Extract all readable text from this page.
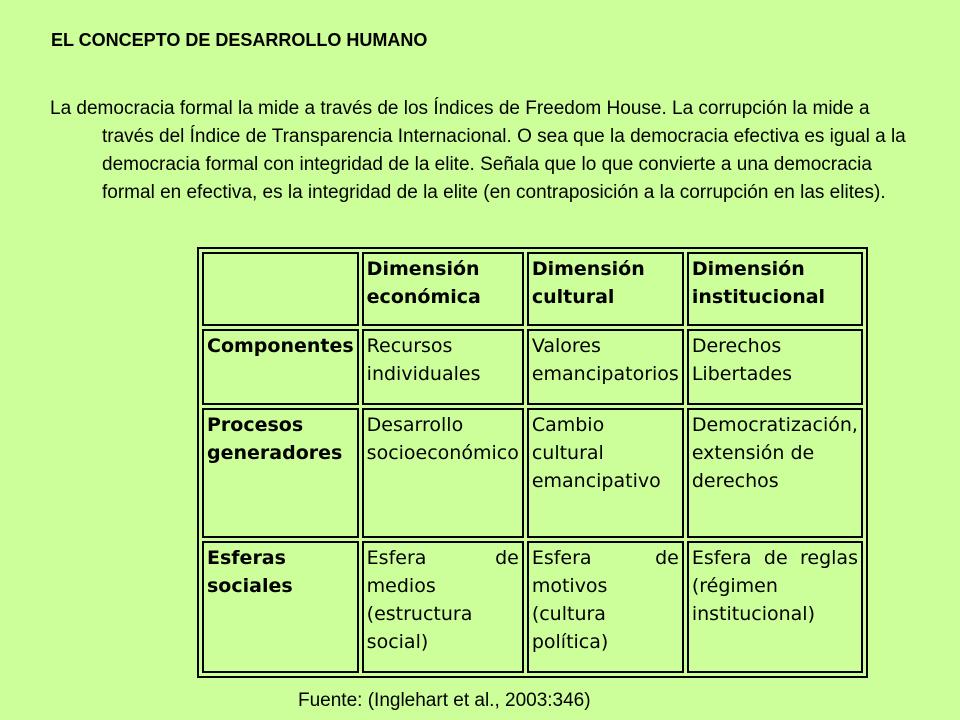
EL CONCEPTO DE DESARROLLO HUMANO

La democracia formal la mide a través de los Índices de Freedom House. La corrupción la mide a través del Índice de Transparencia Internacional. O sea que la democracia efectiva es igual a la democracia formal con integridad de la elite. Señala que lo que convierte a una democracia formal en efectiva, es la integridad de la elite (en contraposición a la corrupción en las elites).

	Dimensión económica	Dimensión cultural	Dimensión institucional
Componentes	Recursos individuales	Valores emancipatorios	Derechos Libertades
Procesos generadores	Desarrollo socioeconómico	Cambio cultural emancipativo	Democratización, extensión de derechos
Esferas sociales	Esfera de medios (estructura social)	Esfera de motivos (cultura política)	Esfera de reglas (régimen institucional)

Fuente: (Inglehart et al., 2003:346)
